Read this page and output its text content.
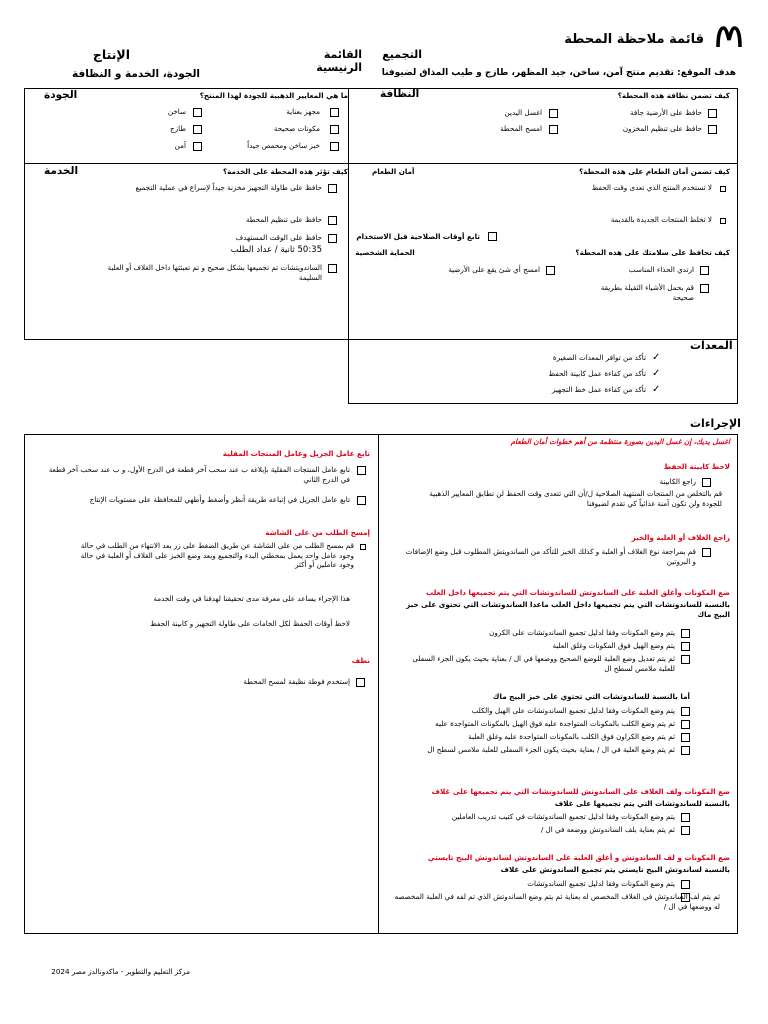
قائمة ملاحظة المحطة
الإنتاج	التجميع
القائمة الرنيسية	هدف الموقع: تقديم منتج آمن، ساخن، جيد المظهر، طازج و طيب المذاق لضيوفنا
الجودة، الخدمة و النظافة
الجودة	ما هي المعايير الذهبية للجودة لهذا المنتج؟
مجهز بعناية
مكونات صحيحة
خبز ساخن ومحمص جيداً
ساخن
طازج
آمن
النظافة	كيف تضمن نظافة هذه المحطة؟
حافظ على الأرضية جافة
حافظ على تنظيم المخزون
اغسل اليدين
امسح المحطة
الخدمة	كيف تؤثر هذه المحطة على الخدمة؟
حافظ على طاولة التجهيز مخزنة جيداً لإسراع في عملية التجميع
حافظ على تنظيم المحطة
حافظ على الوقت المستهدف
50:35 ثانية / عداد الطلب
الساندويتشات تم تجميعها بشكل صحيح و تم تعبئتها داخل الغلاف أو العلبة السليمة
أمان الطعام	كيف تضمن أمان الطعام على هذه المحطة؟
لا تستخدم المنتج الذي تعدى وقت الحفظ
لا تخلط المنتجات الجديدة بالقديمة
تابع أوقات الصلاحية قبل الاستخدام
كيف تحافظ على سلامتك على هذه المحطة؟
الحماية الشخصية
ارتدي الحذاء المناسب
امسح أي شئ يقع على الأرضية
قم بحمل الأشياء الثقيلة بطريقة صحيحة
المعدات
✓
تأكد من توافر المعدات الصغيرة
✓
تأكد من كفاءة عمل كابينة الحفظ
✓
تأكد من كفاءة عمل خط التجهيز
الإجراءات
اغسل يديك، إن غسل اليدين بصورة منتظمة من أهم خطوات أمان الطعام
لاحظ كابينة الحفظ
راجع الكابينة
قم بالتخلص من المنتجات المنتهية الصلاحية ل/أن التي تتعدى وقت الحفظ لن تطابق المعايير الذهبية للجودة ولن تكون آمنة غذائياً كي تقدم لضيوفنا
راجع الغلاف أو العلبة والخبز
قم بمراجعة نوع الغلاف أو العلبة و كذلك الخبز للتأكد من الساندويتش المطلوب قبل وضع الإضافات و البروتين
ضع المكونات وأغلق العلبة على الساندوتش للساندوتشات التي يتم تجميعها داخل العلب
بالنسبة للساندوتشات التي يتم تجميعها داخل العلب ماعدا الساندوتشات التي تحتوى على خبز البيج ماك
يتم وضع المكونات وفقا لدليل تجميع الساندوتشات على الكرون
يتم وضع الهيل فوق المكونات وغلق العلبة
ثم يتم تعديل وضع العلبة للوضع الصحيح ووضعها في ال / بعناية بحيث يكون الجزء السفلى للعلبة ملامس لسطح ال
أما بالنسبة للساندوتشات التي تحتوي على خبز البيج ماك
يتم وضع المكونات وفقا لدليل تجميع الساندوتشات على الهيل والكلب
ثم يتم وضع الكلب بالمكونات المتواجدة عليه فوق الهيل بالمكونات المتواجدة عليه
ثم يتم وضع الكراون فوق الكلب بالمكونات المتواجدة عليه وغلق العلبة
ثم يتم وضع العلبة في ال / بعناية بحيث يكون الجزء السفلى للعلبة ملامس لسطح ال
ضع المكونات ولف الغلاف على الساندوتش للساندوتشات التي يتم تجميعها على غلاف
بالنسبة للساندوتشات التي يتم تجميعها على غلاف
يتم وضع المكونات وفقا لدليل تجميع الساندوتشات في كتيب تدريب العاملين
ثم يتم بعناية بلف الساندوتش ووضعه في ال /
ضع المكونات و لف الساندوتش و أغلق العلبة على الساندوتش لساندوتش البيج تايستي
بالنسبة لساندوتش البيج تايستي يتم تجميع الساندوتش على غلاف
يتم وضع المكونات وفقا لدليل تجميع الساندوتشات
ثم يتم لف الساندوتش في الغلاف المخصص له بعناية ثم يتم وضع الساندوتش الذي تم لفه في العلبة المخصصه له ووضعها في ال /
تابع عامل الجريل وعامل المنتجات المقلية
تابع عامل المنتجات المقلية بإبلاغه ب عند سحب آخر قطعة في الدرج الأول، و ب عند سحب آخر قطعة في الدرج الثاني
تابع عامل الجريل في إتباعه طريقة أنظر وأضغط وأطهي للمحافظة على مستويات الإنتاج
إمسح الطلب من على الشاشة
قم بمسح الطلب من على الشاشة عن طريق الضغط على زر بعد الانتهاء من الطلب في حالة وجود عامل واحد يعمل بمحطتي البدء والتجميع وبعد وضع الخبز على الغلاف أو العلبة في حالة وجود عاملين أو أكثر
هذا الإجراء يساعد على معرفة مدى تحقيقنا لهدفنا في وقت الخدمة
لاحظ أوقات الحفظ لكل الخامات على طاولة التجهيز و كابينة الحفظ
نظف
إستخدم فوطة نظيفة لمسح المحطة
مركز التعليم والتطوير - ماكدونالدز مصر 2024
